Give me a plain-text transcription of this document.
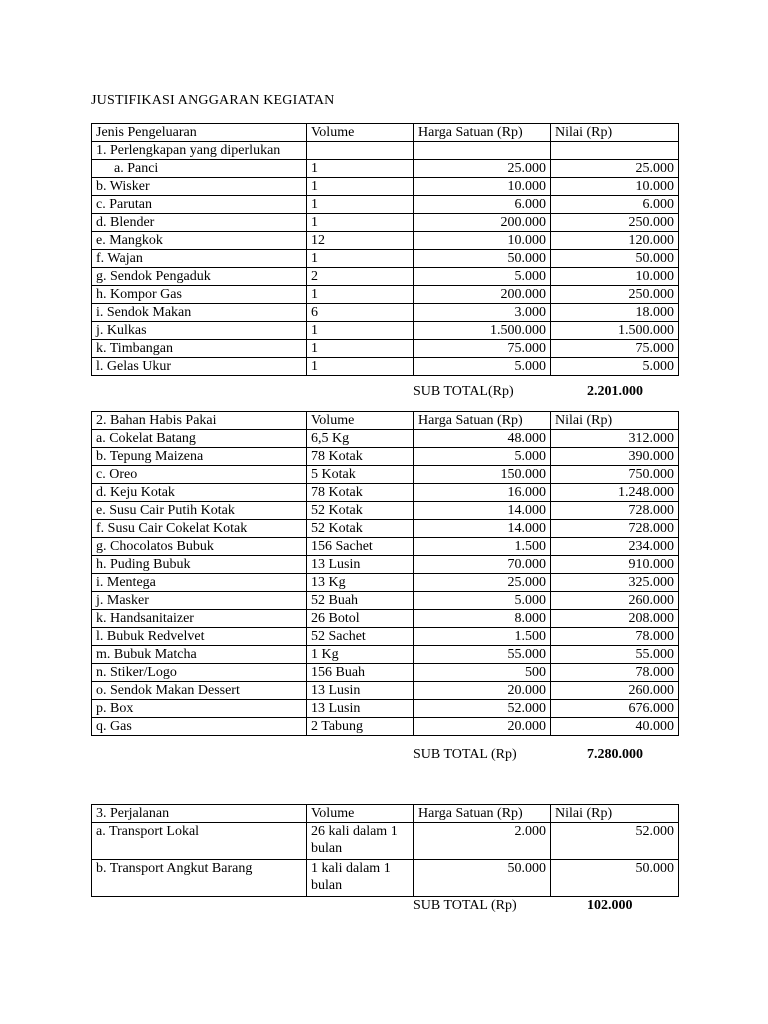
JUSTIFIKASI ANGGARAN KEGIATAN
Jenis Pengeluaran	Volume	Harga Satuan (Rp)	Nilai (Rp)
1. Perlengkapan yang diperlukan			
a. Panci	1	25.000	25.000
b. Wisker	1	10.000	10.000
c. Parutan	1	6.000	6.000
d. Blender	1	200.000	250.000
e. Mangkok	12	10.000	120.000
f. Wajan	1	50.000	50.000
g. Sendok Pengaduk	2	5.000	10.000
h. Kompor Gas	1	200.000	250.000
i. Sendok Makan	6	3.000	18.000
j. Kulkas	1	1.500.000	1.500.000
k. Timbangan	1	75.000	75.000
l. Gelas Ukur	1	5.000	5.000
SUB TOTAL(Rp)	2.201.000
2. Bahan Habis Pakai	Volume	Harga Satuan (Rp)	Nilai (Rp)
a. Cokelat Batang	6,5 Kg	48.000	312.000
b. Tepung Maizena	78 Kotak	5.000	390.000
c. Oreo	5 Kotak	150.000	750.000
d. Keju Kotak	78 Kotak	16.000	1.248.000
e. Susu Cair Putih Kotak	52 Kotak	14.000	728.000
f. Susu Cair Cokelat Kotak	52 Kotak	14.000	728.000
g. Chocolatos Bubuk	156 Sachet	1.500	234.000
h. Puding Bubuk	13 Lusin	70.000	910.000
i. Mentega	13 Kg	25.000	325.000
j. Masker	52 Buah	5.000	260.000
k. Handsanitaizer	26 Botol	8.000	208.000
l. Bubuk Redvelvet	52 Sachet	1.500	78.000
m. Bubuk Matcha	1 Kg	55.000	55.000
n. Stiker/Logo	156 Buah	500	78.000
o. Sendok Makan Dessert	13 Lusin	20.000	260.000
p. Box	13 Lusin	52.000	676.000
q. Gas	2 Tabung	20.000	40.000
SUB TOTAL (Rp)	7.280.000
3. Perjalanan	Volume	Harga Satuan (Rp)	Nilai (Rp)
a. Transport Lokal	26 kali dalam 1 bulan	2.000	52.000
b. Transport Angkut Barang	1 kali dalam 1 bulan	50.000	50.000
SUB TOTAL (Rp)	102.000
